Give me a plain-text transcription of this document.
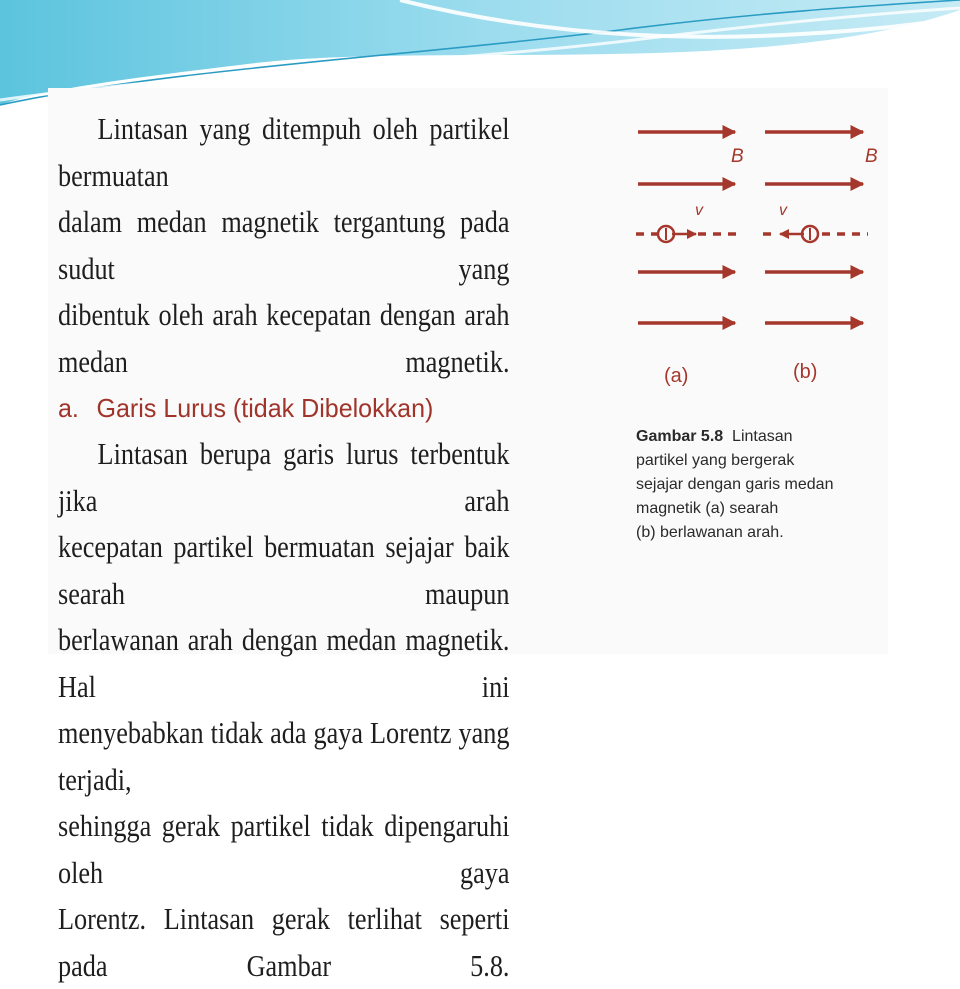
Lintasan yang ditempuh oleh partikel bermuatan

dalam medan magnetik tergantung pada sudut yang

dibentuk oleh arah kecepatan dengan arah medan magnetik.

a. Garis Lurus (tidak Dibelokkan)

Lintasan berupa garis lurus terbentuk jika arah

kecepatan partikel bermuatan sejajar baik searah maupun

berlawanan arah dengan medan magnetik. Hal ini

menyebabkan tidak ada gaya Lorentz yang terjadi,

sehingga gerak partikel tidak dipengaruhi oleh gaya

Lorentz. Lintasan gerak terlihat seperti pada Gambar 5.8.

B	B
v	v
(a)	(b)
Gambar 5.8 Lintasan
partikel yang bergerak
sejajar dengan garis medan
magnetik (a) searah
(b) berlawanan arah.
